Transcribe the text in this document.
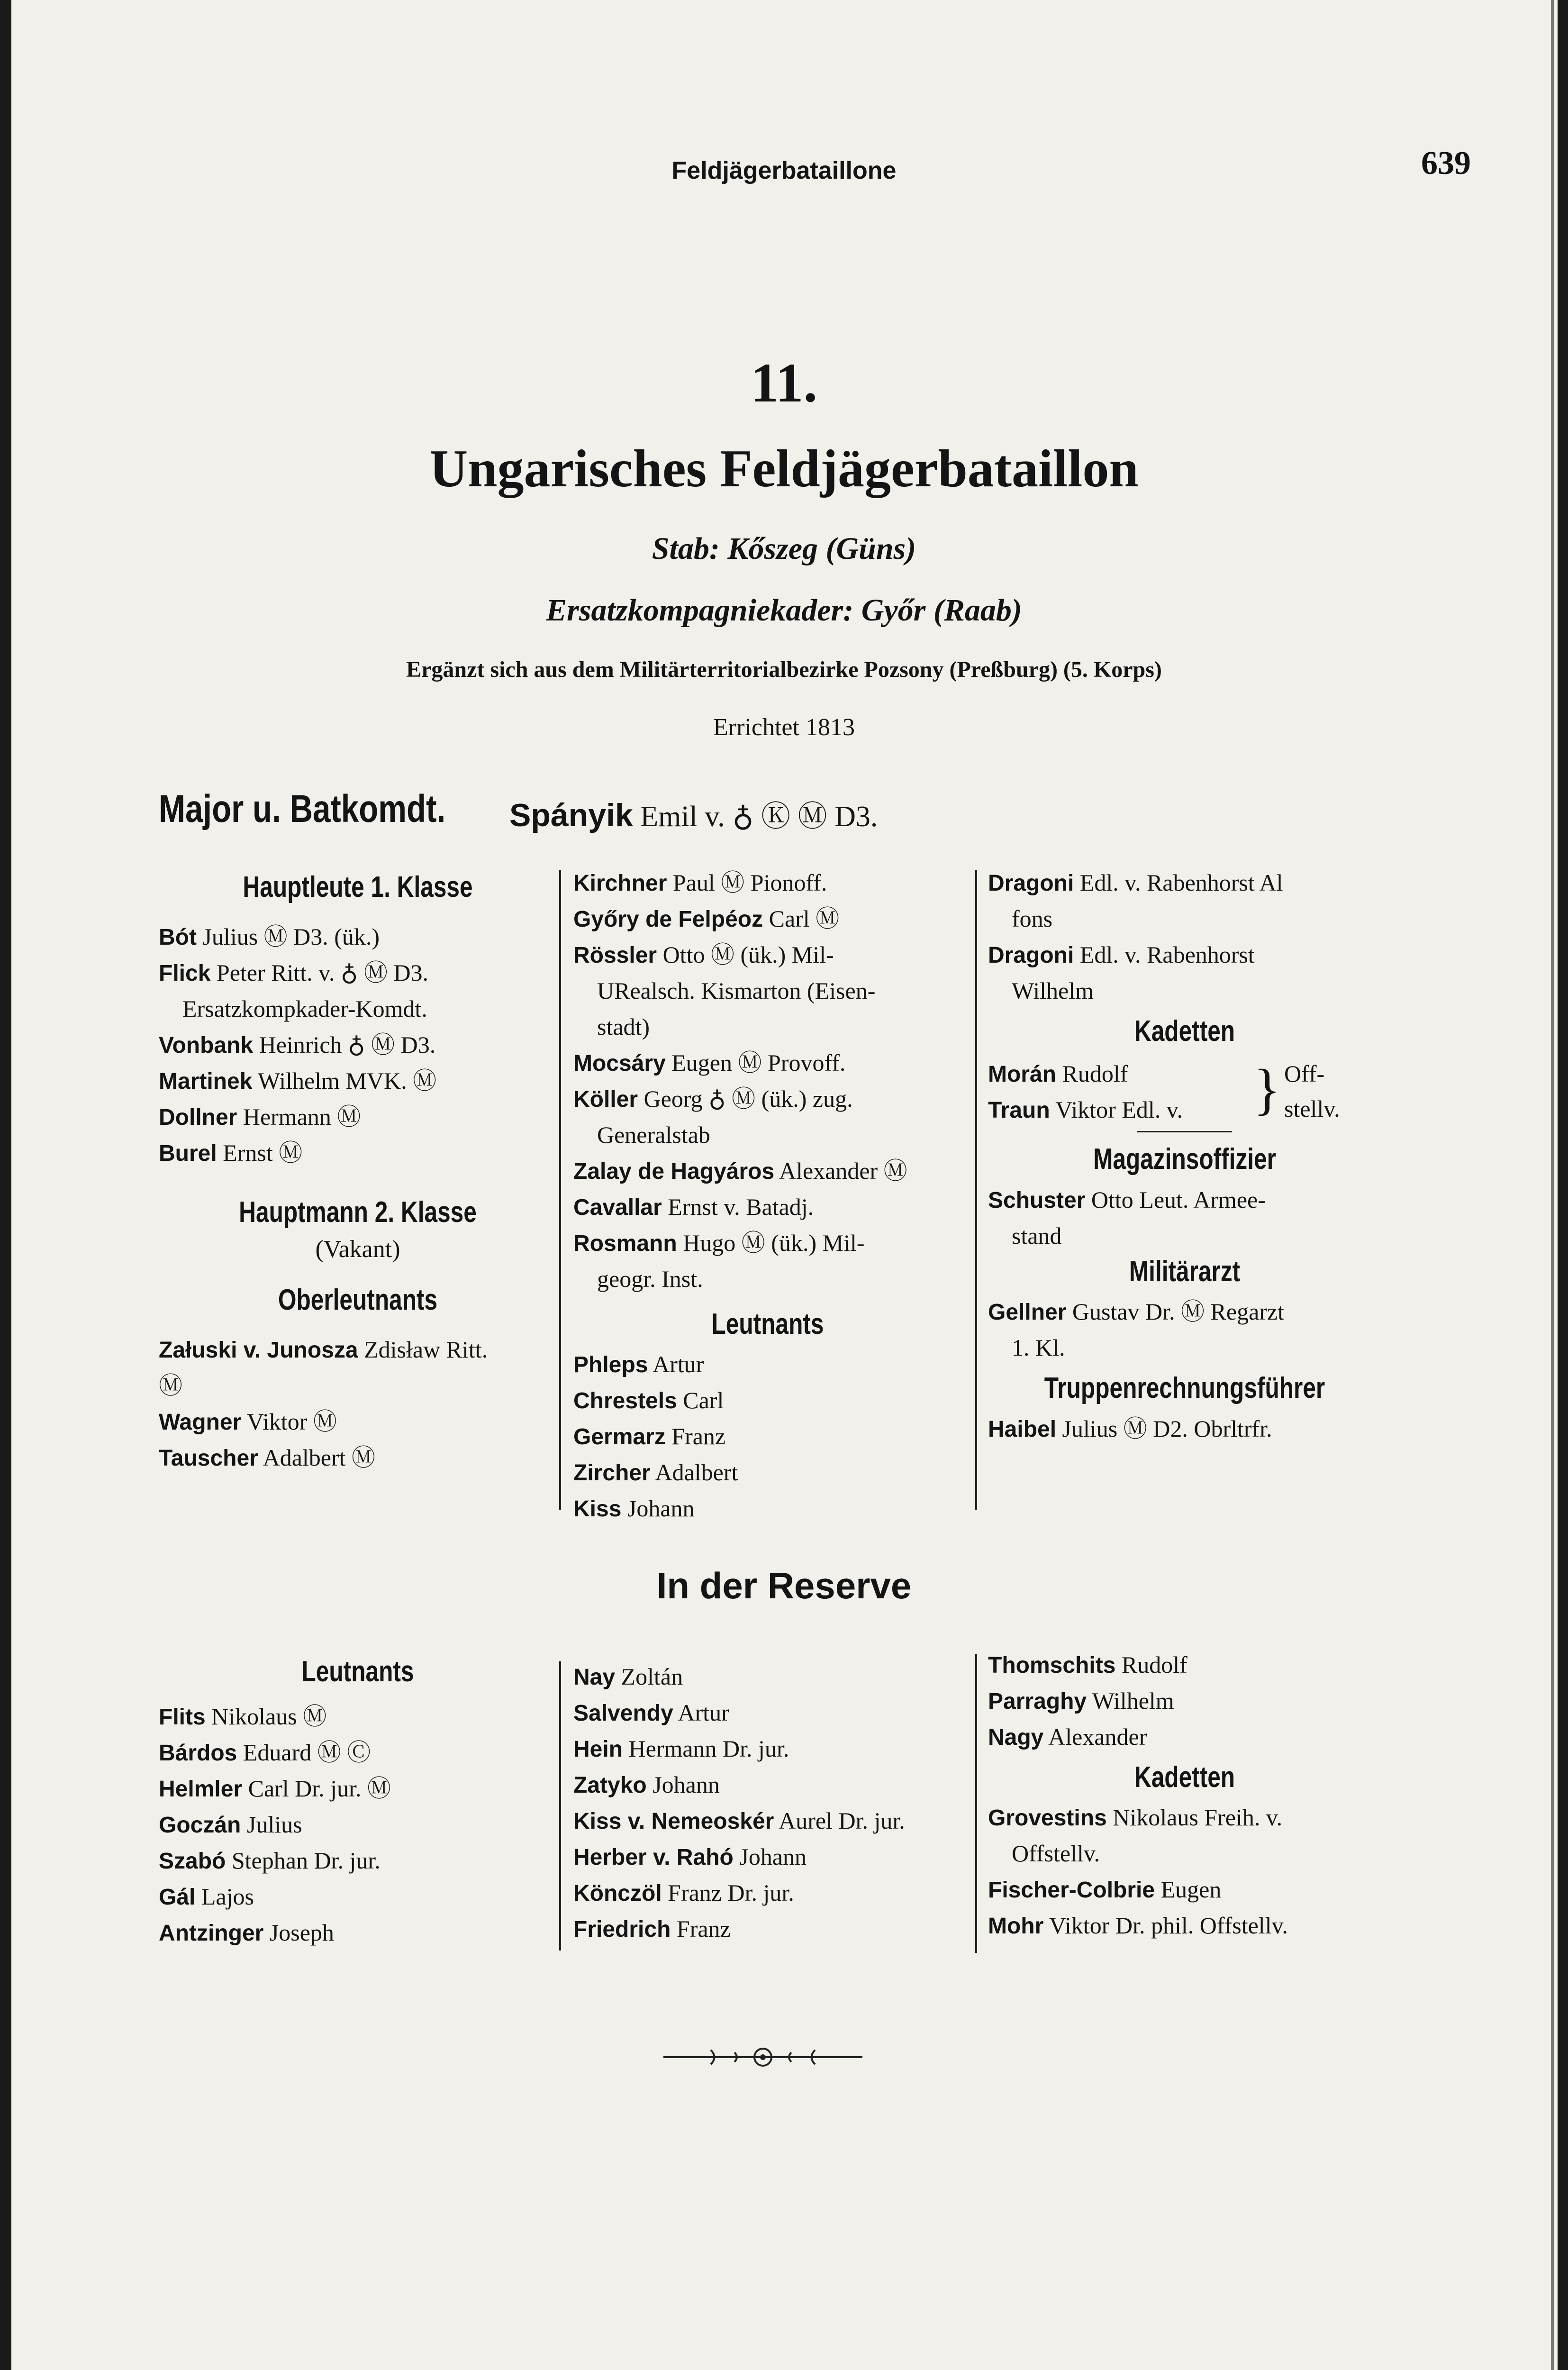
Feldjägerbataillone	639
11.
Ungarisches Feldjägerbataillon
Stab: Kőszeg (Güns)
Ersatzkompagniekader: Győr (Raab)
Ergänzt sich aus dem Militärterritorialbezirke Pozsony (Preßburg) (5. Korps)
Errichtet 1813
Major u. Batkomdt. Spányik Emil v. ♁ Ⓚ Ⓜ D3.

Hauptleute 1. Klasse

Bót Julius Ⓜ D3. (ük.)

Flick Peter Ritt. v. ♁ Ⓜ D3.

Ersatzkompkader-Komdt.

Vonbank Heinrich ♁ Ⓜ D3.

Martinek Wilhelm MVK. Ⓜ

Dollner Hermann Ⓜ

Burel Ernst Ⓜ

Hauptmann 2. Klasse

(Vakant)

Oberleutnants

Załuski v. Junosza Zdisław Ritt.

Ⓜ

Wagner Viktor Ⓜ

Tauscher Adalbert Ⓜ

Kirchner Paul Ⓜ Pionoff.

Győry de Felpéoz Carl Ⓜ

Rössler Otto Ⓜ (ük.) Mil-

URealsch. Kismarton (Eisen-

stadt)

Mocsáry Eugen Ⓜ Provoff.

Köller Georg ♁ Ⓜ (ük.) zug.

Generalstab

Zalay de Hagyáros Alexander Ⓜ

Cavallar Ernst v. Batadj.

Rosmann Hugo Ⓜ (ük.) Mil-

geogr. Inst.

Leutnants

Phleps Artur

Chrestels Carl

Germarz Franz

Zircher Adalbert

Kiss Johann

Dragoni Edl. v. Rabenhorst Al

fons

Dragoni Edl. v. Rabenhorst

Wilhelm

Kadetten

Morán Rudolf

Traun Viktor Edl. v.	} Off-

stellv.

Magazinsoffizier

Schuster Otto Leut. Armee-

stand

Militärarzt

Gellner Gustav Dr. Ⓜ Regarzt

1. Kl.

Truppenrechnungsführer

Haibel Julius Ⓜ D2. Obrltrfr.

In der Reserve

Leutnants

Flits Nikolaus Ⓜ

Bárdos Eduard Ⓜ Ⓒ

Helmler Carl Dr. jur. Ⓜ

Goczán Julius

Szabó Stephan Dr. jur.

Gál Lajos

Antzinger Joseph

Nay Zoltán

Salvendy Artur

Hein Hermann Dr. jur.

Zatyko Johann

Kiss v. Nemeoskér Aurel Dr. jur.

Herber v. Rahó Johann

Könczöl Franz Dr. jur.

Friedrich Franz

Thomschits Rudolf

Parraghy Wilhelm

Nagy Alexander

Kadetten

Grovestins Nikolaus Freih. v.

Offstellv.

Fischer-Colbrie Eugen

Mohr Viktor Dr. phil. Offstellv.
